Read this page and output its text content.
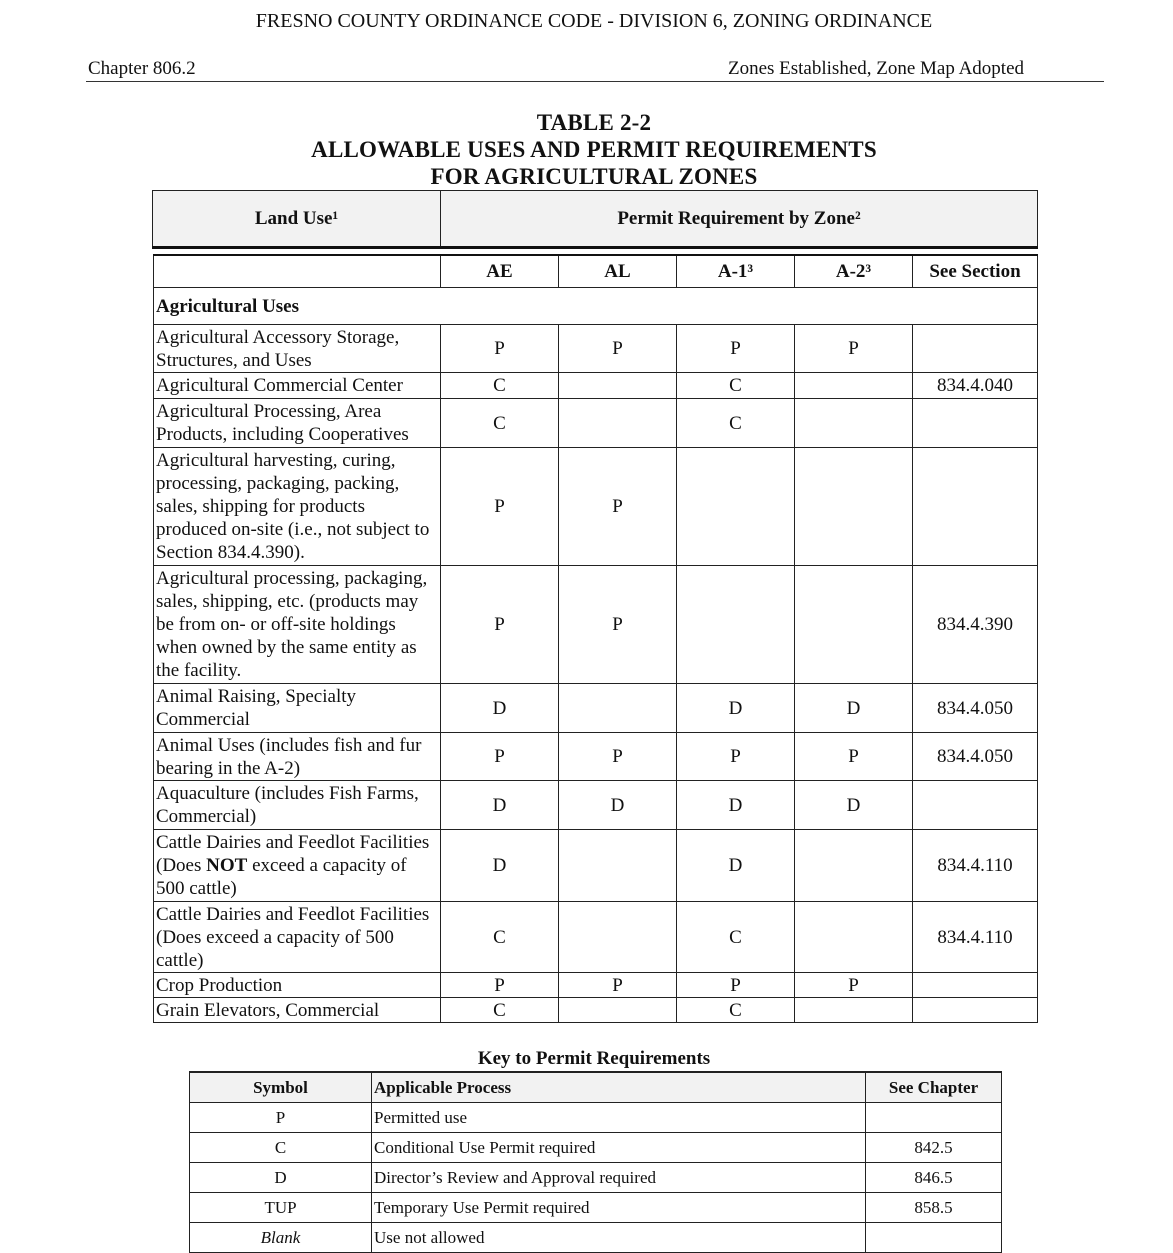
FRESNO COUNTY ORDINANCE CODE - DIVISION 6, ZONING ORDINANCE
Chapter 806.2	Zones Established, Zone Map Adopted
TABLE 2-2
ALLOWABLE USES AND PERMIT REQUIREMENTS
FOR AGRICULTURAL ZONES
Land Use¹	Permit Requirement by Zone²
	AE	AL	A-1³	A-2³	See Section
Agricultural Uses					
Agricultural Accessory Storage, Structures, and Uses	P	P	P	P	
Agricultural Commercial Center	C		C		834.4.040
Agricultural Processing, Area Products, including Cooperatives	C		C		
Agricultural harvesting, curing, processing, packaging, packing, sales, shipping for products produced on-site (i.e., not subject to Section 834.4.390).	P	P			
Agricultural processing, packaging, sales, shipping, etc. (products may be from on- or off-site holdings when owned by the same entity as the facility.	P	P			834.4.390
Animal Raising, Specialty Commercial	D		D	D	834.4.050
Animal Uses (includes fish and fur bearing in the A-2)	P	P	P	P	834.4.050
Aquaculture (includes Fish Farms, Commercial)	D	D	D	D	
Cattle Dairies and Feedlot Facilities (Does NOT exceed a capacity of 500 cattle)	D		D		834.4.110
Cattle Dairies and Feedlot Facilities (Does exceed a capacity of 500 cattle)	C		C		834.4.110
Crop Production	P	P	P	P	
Grain Elevators, Commercial	C		C		
Key to Permit Requirements
Symbol	Applicable Process	See Chapter
P	Permitted use	
C	Conditional Use Permit required	842.5
D	Director’s Review and Approval required	846.5
TUP	Temporary Use Permit required	858.5
Blank	Use not allowed	
